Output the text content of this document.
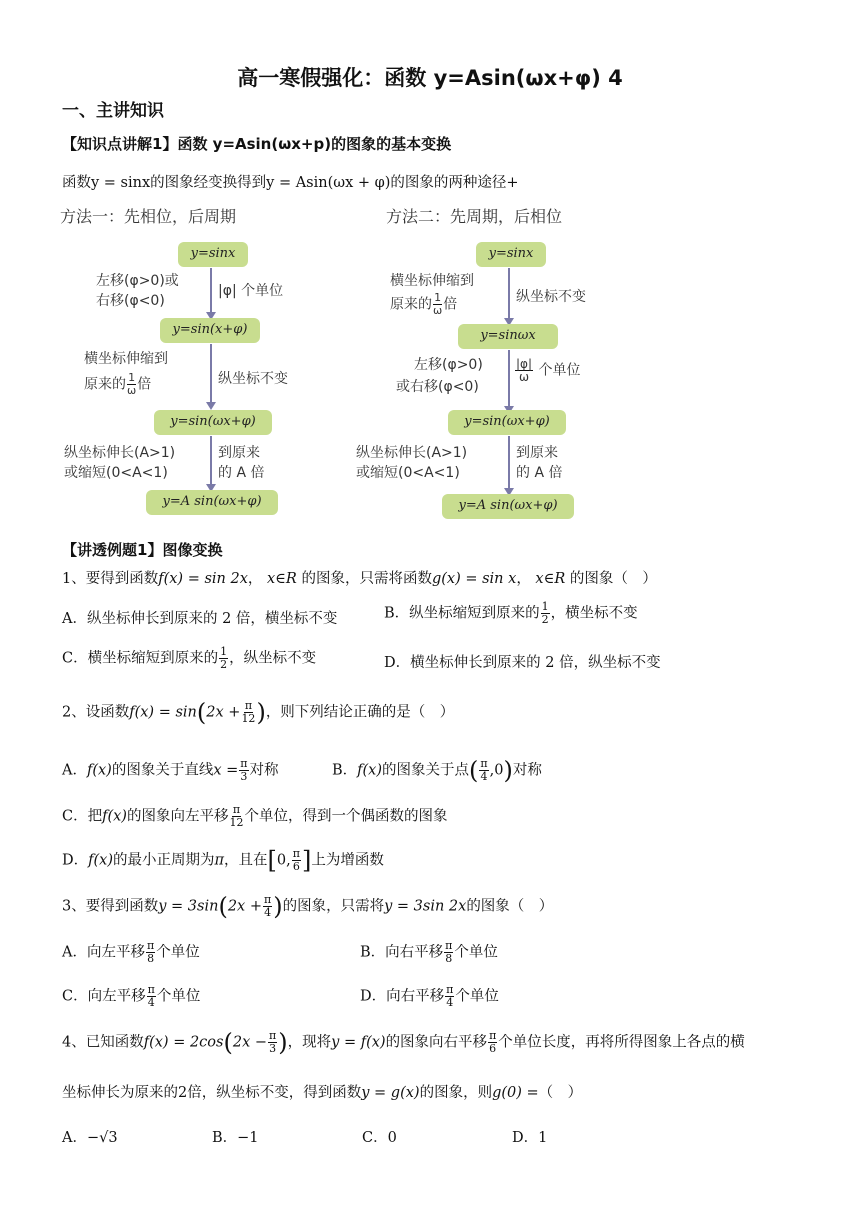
高一寒假强化：函数 y=Asin(ωx+φ) 4
一、主讲知识
【知识点讲解1】函数 y=Asin(ωx+p)的图象的基本变换
函数y = sinx的图象经变换得到y = Asin(ωx + φ)的图象的两种途径+
方法一：先相位，后周期
y=sinx
左移(φ>0)或
右移(φ<0)
|φ| 个单位
y=sin(x+φ)
横坐标伸缩到
原来的 $\frac{1}{\omega}$ 倍	纵坐标不变
y=sin(ωx+φ)
纵坐标伸长(A>1)
或缩短(0<A<1)
到原来
的 A 倍
y=A sin(ωx+φ)
方法二：先周期，后相位
y=sinx
横坐标伸缩到
原来的 $\frac{1}{\omega}$ 倍	纵坐标不变
y=sinωx
左移(φ>0)
或右移(φ<0)
$\frac{|\varphi|}{\omega}$ 个单位
y=sin(ωx+φ)
纵坐标伸长(A>1)
或缩短(0<A<1)
到原来
的 A 倍
y=A sin(ωx+φ)
【讲透例题1】图像变换
1、要得到函数f(x) = sin 2x， x∈R 的图象，只需将函数g(x) = sin x， x∈R 的图象（　）
A．纵坐标伸长到原来的 2 倍，横坐标不变	B．纵坐标缩短到原来的 $\frac{1}{2}$ ，横坐标不变
C．横坐标缩短到原来的 $\frac{1}{2}$ ，纵坐标不变	D．横坐标伸长到原来的 2 倍，纵坐标不变
2、设函数$f(x) = \sin(2x + \frac{\pi}{12}$ )，则下列结论正确的是（　）
A．f(x)的图象关于直线$x = \frac{\pi}{3}$ 对称	B．f(x)的图象关于点( $\frac{\pi}{4} ,0$)对称
C．把f(x)的图象向左平移 $\frac{\pi}{12}$ 个单位，得到一个偶函数的图象
D．f(x)的最小正周期为π，且在[0, $\frac{\pi}{6}$ ]上为增函数
3、要得到函数$y = 3\sin(2x + \frac{\pi}{4}$ )的图象，只需将y = 3sin 2x的图象（　）
A．向左平移 $\frac{\pi}{8}$ 个单位	B．向右平移 $\frac{\pi}{8}$ 个单位
C．向左平移 $\frac{\pi}{4}$ 个单位	D．向右平移 $\frac{\pi}{4}$ 个单位
4、已知函数$f(x) = 2\cos(2x - \frac{\pi}{3}$ )，现将y = f(x)的图象向右平移 $\frac{\pi}{6}$ 个单位长度，再将所得图象上各点的横
坐标伸长为原来的2倍，纵坐标不变，得到函数y = g(x)的图象，则g(0) =（　）
A．−√3	B．−1	C．0	D．1
